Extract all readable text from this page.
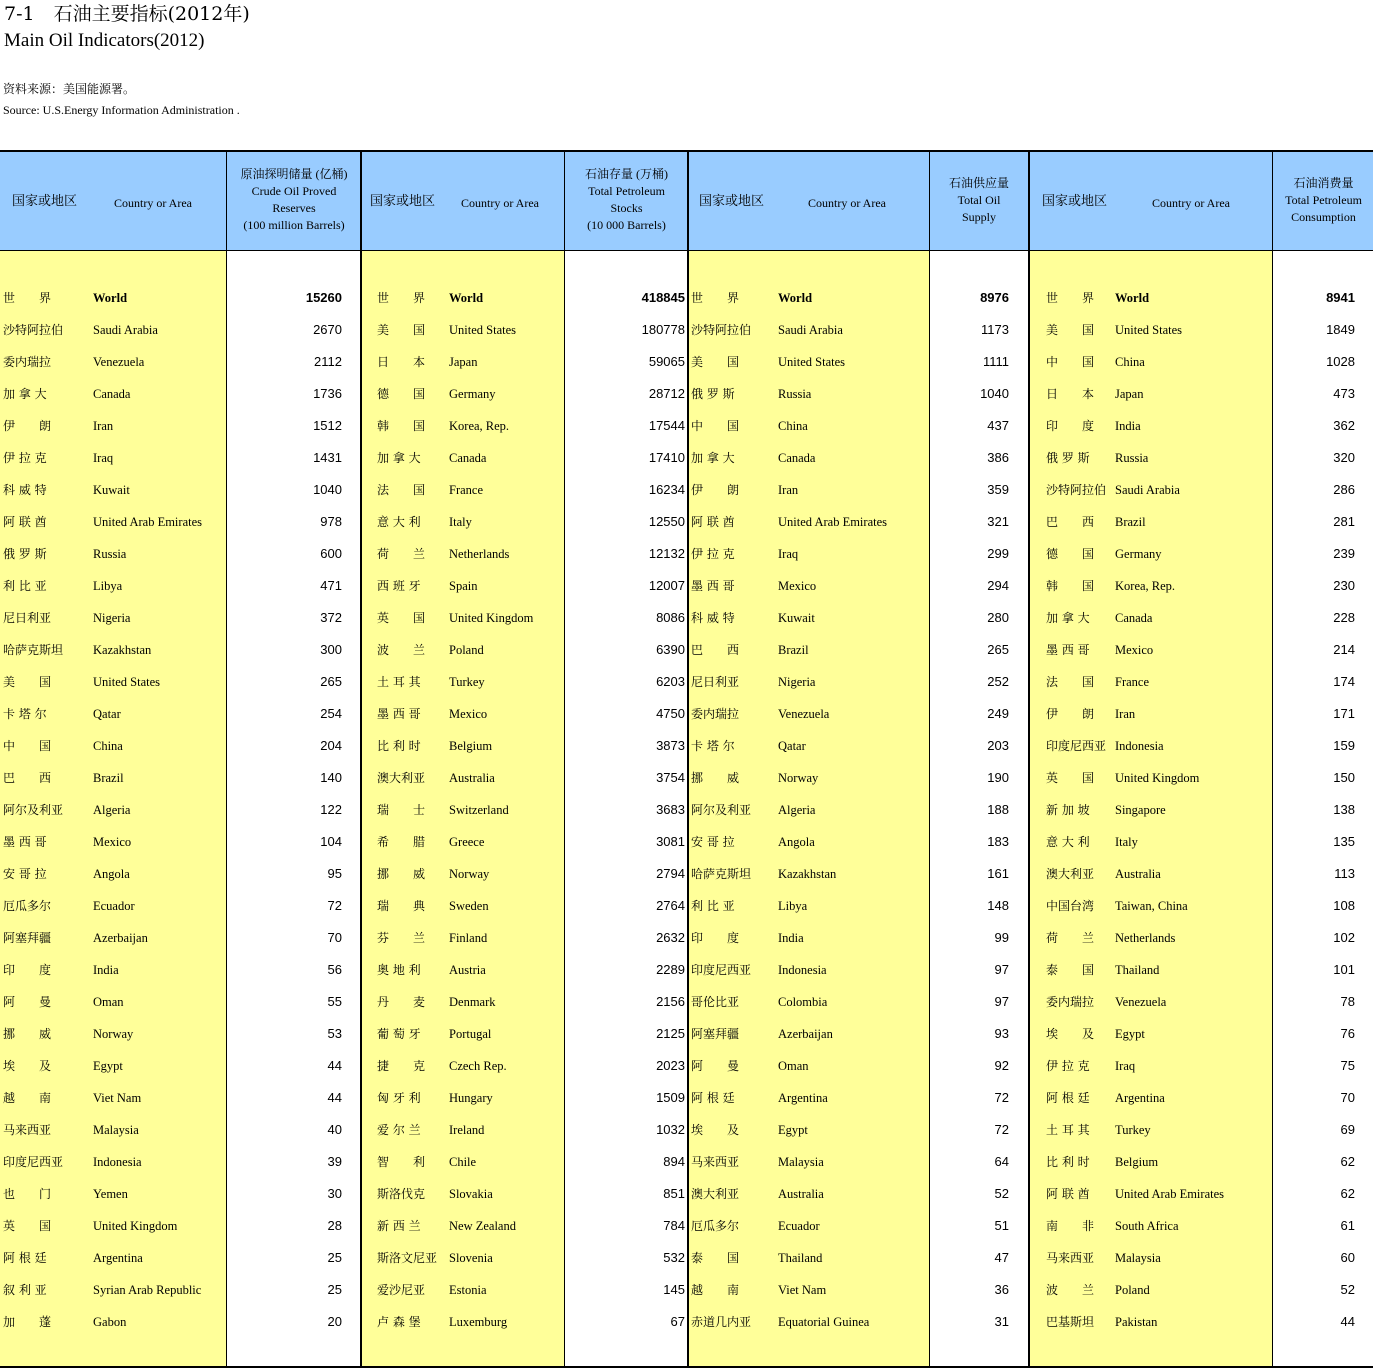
7-1　石油主要指标(2012年)
Main Oil Indicators(2012)
资料来源：美国能源署。
Source: U.S.Energy Information Administration .
国家或地区	Country or Area
原油探明储量 (亿桶)
Crude Oil Proved
Reserves
(100 million Barrels)
世　　界	World	15260
沙特阿拉伯 Saudi Arabia	2670
委内瑞拉	Venezuela	2112
加 拿 大	Canada	1736
伊　　朗	Iran	1512
伊 拉 克	Iraq	1431
科 威 特	Kuwait	1040
阿 联 酋	United Arab Emirates	978
俄 罗 斯	Russia	600
利 比 亚	Libya	471
尼日利亚	Nigeria	372
哈萨克斯坦 Kazakhstan	300
美　　国	United States	265
卡 塔 尔	Qatar	254
中　　国	China	204
巴　　西	Brazil	140
阿尔及利亚 Algeria	122
墨 西 哥	Mexico	104
安 哥 拉	Angola	95
厄瓜多尔	Ecuador	72
阿塞拜疆	Azerbaijan	70
印　　度	India	56
阿　　曼	Oman	55
挪　　威	Norway	53
埃　　及	Egypt	44
越　　南	Viet Nam	44
马来西亚	Malaysia	40
印度尼西亚 Indonesia	39
也　　门	Yemen	30
英　　国	United Kingdom	28
阿 根 廷	Argentina	25
叙 利 亚	Syrian Arab Republic	25
加　　蓬	Gabon	20
国家或地区 Country or Area
石油存量 (万桶)
Total Petroleum
Stocks
(10 000 Barrels)
世　　界 World	418845
美　　国 United States	180778
日　　本 Japan	59065
德　　国 Germany	28712
韩　　国 Korea, Rep.	17544
加 拿 大 Canada	17410
法　　国 France	16234
意 大 利 Italy	12550
荷　　兰 Netherlands	12132
西 班 牙 Spain	12007
英　　国 United Kingdom	8086
波　　兰 Poland	6390
土 耳 其 Turkey	6203
墨 西 哥 Mexico	4750
比 利 时 Belgium	3873
澳大利亚 Australia	3754
瑞　　士 Switzerland	3683
希　　腊 Greece	3081
挪　　威 Norway	2794
瑞　　典 Sweden	2764
芬　　兰 Finland	2632
奥 地 利 Austria	2289
丹　　麦 Denmark	2156
葡 萄 牙 Portugal	2125
捷　　克 Czech Rep.	2023
匈 牙 利 Hungary	1509
爱 尔 兰 Ireland	1032
智　　利 Chile	894
斯洛伐克 Slovakia	851
新 西 兰 New Zealand	784
斯洛文尼亚 Slovenia	532
爱沙尼亚 Estonia	145
卢 森 堡 Luxemburg	67
国家或地区	Country or Area
石油供应量
Total Oil
Supply
世　　界	World	8976
沙特阿拉伯 Saudi Arabia	1173
美　　国	United States	1111
俄 罗 斯	Russia	1040
中　　国	China	437
加 拿 大	Canada	386
伊　　朗	Iran	359
阿 联 酋	United Arab Emirates	321
伊 拉 克	Iraq	299
墨 西 哥	Mexico	294
科 威 特	Kuwait	280
巴　　西	Brazil	265
尼日利亚	Nigeria	252
委内瑞拉	Venezuela	249
卡 塔 尔	Qatar	203
挪　　威	Norway	190
阿尔及利亚 Algeria	188
安 哥 拉	Angola	183
哈萨克斯坦 Kazakhstan	161
利 比 亚	Libya	148
印　　度	India	99
印度尼西亚 Indonesia	97
哥伦比亚	Colombia	97
阿塞拜疆	Azerbaijan	93
阿　　曼	Oman	92
阿 根 廷	Argentina	72
埃　　及	Egypt	72
马来西亚	Malaysia	64
澳大利亚	Australia	52
厄瓜多尔	Ecuador	51
泰　　国	Thailand	47
越　　南	Viet Nam	36
赤道几内亚 Equatorial Guinea	31
国家或地区	Country or Area
石油消费量
Total Petroleum
Consumption
世　　界 World	8941
美　　国 United States	1849
中　　国 China	1028
日　　本 Japan	473
印　　度 India	362
俄 罗 斯 Russia	320
沙特阿拉伯 Saudi Arabia	286
巴　　西 Brazil	281
德　　国 Germany	239
韩　　国 Korea, Rep.	230
加 拿 大 Canada	228
墨 西 哥 Mexico	214
法　　国 France	174
伊　　朗 Iran	171
印度尼西亚 Indonesia	159
英　　国 United Kingdom	150
新 加 坡 Singapore	138
意 大 利 Italy	135
澳大利亚 Australia	113
中国台湾 Taiwan, China	108
荷　　兰 Netherlands	102
泰　　国 Thailand	101
委内瑞拉 Venezuela	78
埃　　及 Egypt	76
伊 拉 克 Iraq	75
阿 根 廷 Argentina	70
土 耳 其 Turkey	69
比 利 时 Belgium	62
阿 联 酋 United Arab Emirates	62
南　　非 South Africa	61
马来西亚 Malaysia	60
波　　兰 Poland	52
巴基斯坦 Pakistan	44
